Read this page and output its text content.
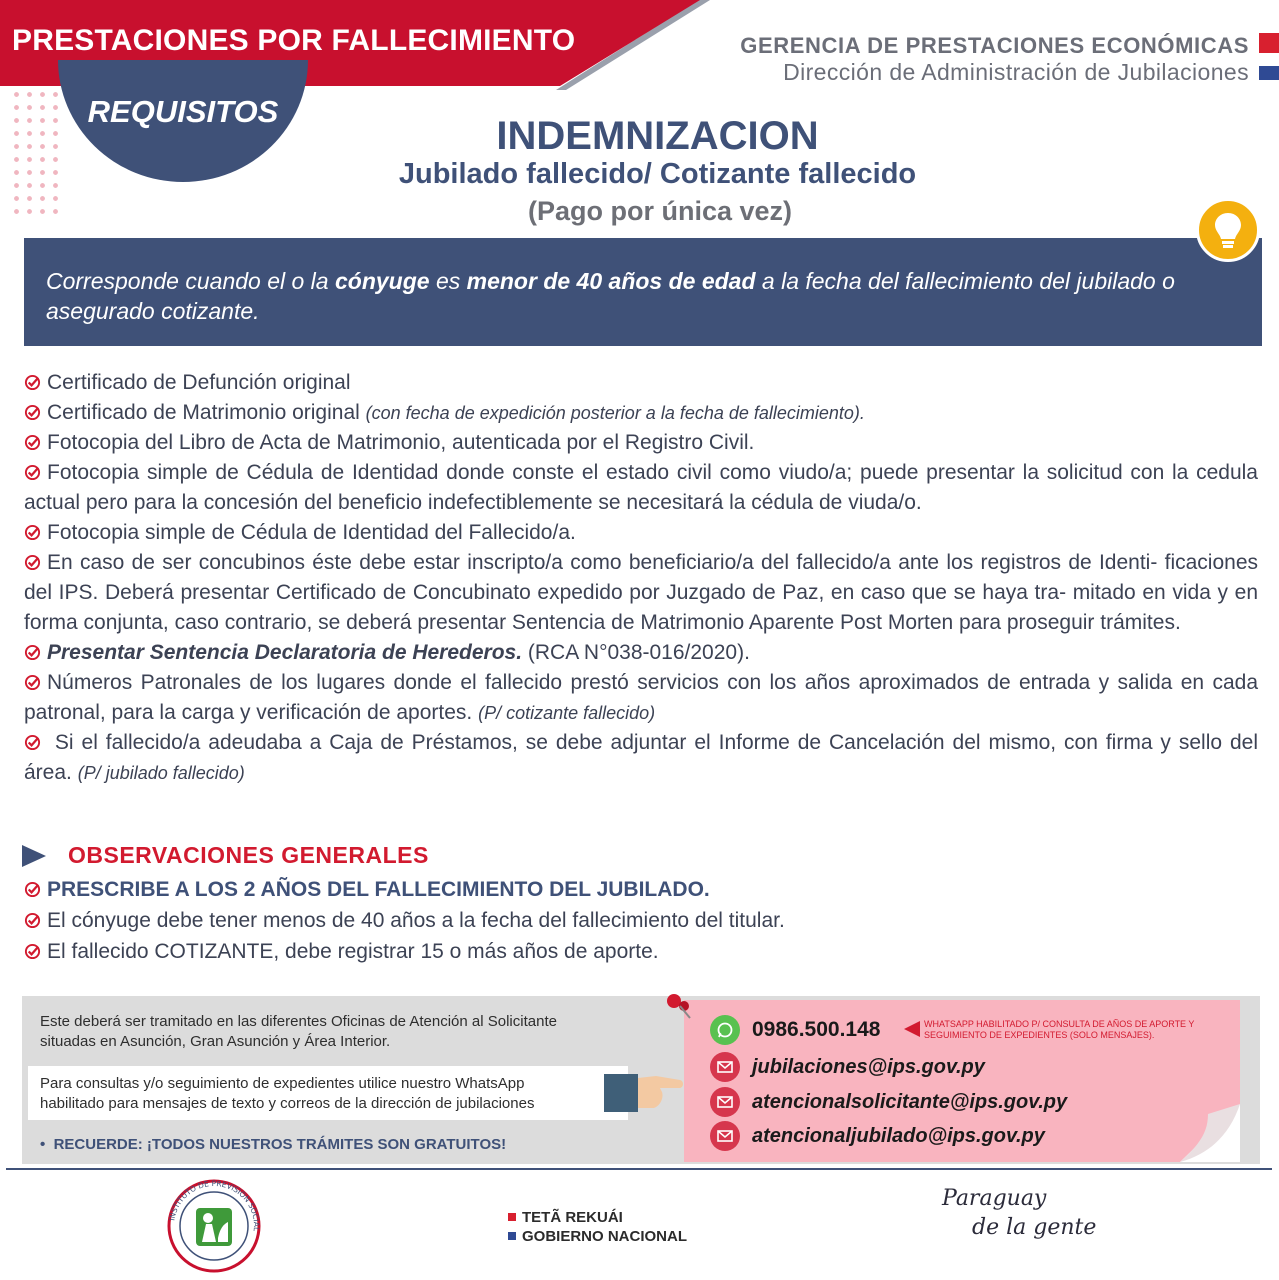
PRESTACIONES POR FALLECIMIENTO
REQUISITOS
GERENCIA DE PRESTACIONES ECONÓMICAS
Dirección de Administración de Jubilaciones
INDEMNIZACION
Jubilado fallecido/ Cotizante fallecido
(Pago por única vez)

Corresponde cuando el o la cónyuge es menor de 40 años de edad a la fecha del fallecimiento del jubilado o asegurado cotizante.

Certificado de Defunción original
Certificado de Matrimonio original (con fecha de expedición posterior a la fecha de fallecimiento).
Fotocopia del Libro de Acta de Matrimonio, autenticada por el Registro Civil.
Fotocopia simple de Cédula de Identidad donde conste el estado civil como viudo/a; puede presentar la solicitud con la cedula actual pero para la concesión del beneficio indefectiblemente se necesitará la cédula de viuda/o.
Fotocopia simple de Cédula de Identidad del Fallecido/a.
En caso de ser concubinos éste debe estar inscripto/a como beneficiario/a del fallecido/a ante los registros de Identi- ficaciones del IPS. Deberá presentar Certificado de Concubinato expedido por Juzgado de Paz, en caso que se haya tra- mitado en vida y en forma conjunta, caso contrario, se deberá presentar Sentencia de Matrimonio Aparente Post Morten para proseguir trámites.
Presentar Sentencia Declaratoria de Herederos. (RCA N°038-016/2020).
Números Patronales de los lugares donde el fallecido prestó servicios con los años aproximados de entrada y salida en cada patronal, para la carga y verificación de aportes. (P/ cotizante fallecido)
Si el fallecido/a adeudaba a Caja de Préstamos, se debe adjuntar el Informe de Cancelación del mismo, con firma y sello del área. (P/ jubilado fallecido)
OBSERVACIONES GENERALES
PRESCRIBE A LOS 2 AÑOS DEL FALLECIMIENTO DEL JUBILADO.
El cónyuge debe tener menos de 40 años a la fecha del fallecimiento del titular.
El fallecido COTIZANTE, debe registrar 15 o más años de aporte.
Este deberá ser tramitado en las diferentes Oficinas de Atención al Solicitante
situadas en Asunción, Gran Asunción y Área Interior.

Para consultas y/o seguimiento de expedientes utilice nuestro WhatsApp
habilitado para mensajes de texto y correos de la dirección de jubilaciones

•  RECUERDE: ¡TODOS NUESTROS TRÁMITES SON GRATUITOS!
0986.500.148	WHATSAPP HABILITADO P/ CONSULTA DE AÑOS DE APORTE Y SEGUIMIENTO DE EXPEDIENTES (SOLO MENSAJES).
jubilaciones@ips.gov.py
atencionalsolicitante@ips.gov.py
atencionaljubilado@ips.gov.py
INSTITUTO DE PREVISION SOCIAL
TETÃ REKUÁI
GOBIERNO NACIONAL
Paraguay
de la gente
